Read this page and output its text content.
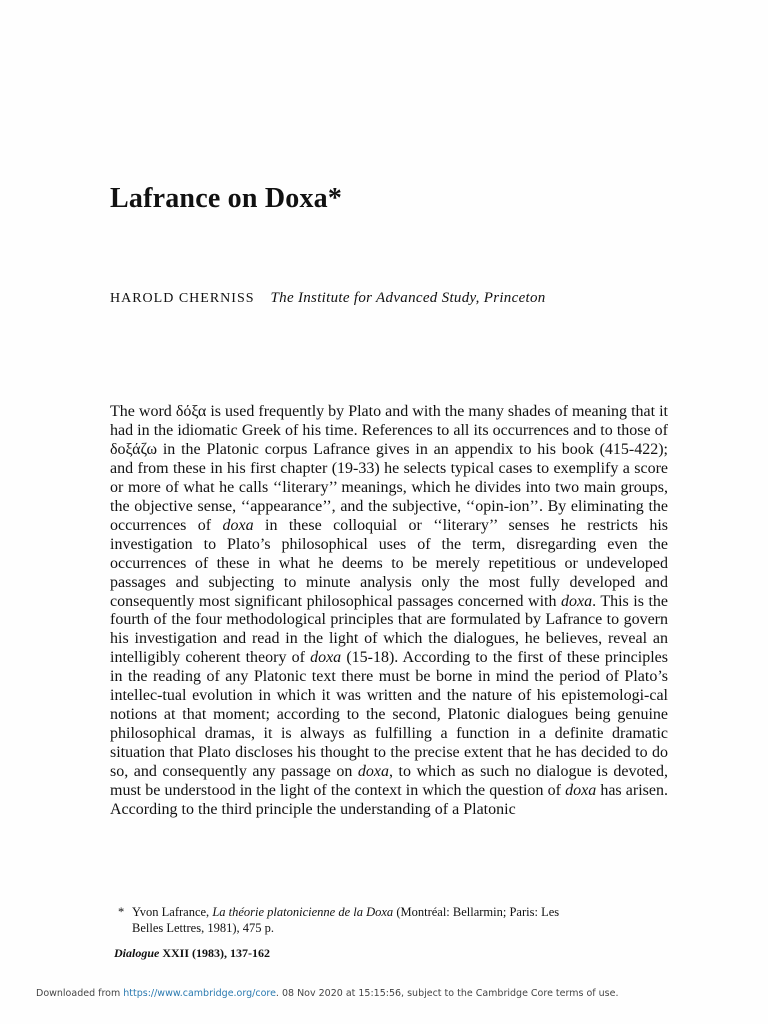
Lafrance on Doxa*
HAROLD CHERNISS The Institute for Advanced Study, Princeton

The word δόξα is used frequently by Plato and with the many shades of meaning that it had in the idiomatic Greek of his time. References to all its occurrences and to those of δοξάζω in the Platonic corpus Lafrance gives in an appendix to his book (415-422); and from these in his first chapter (19-33) he selects typical cases to exemplify a score or more of what he calls ‘‘literary’’ meanings, which he divides into two main groups, the objective sense, ‘‘appearance’’, and the subjective, ‘‘opin-ion’’. By eliminating the occurrences of doxa in these colloquial or ‘‘literary’’ senses he restricts his investigation to Plato’s philosophical uses of the term, disregarding even the occurrences of these in what he deems to be merely repetitious or undeveloped passages and subjecting to minute analysis only the most fully developed and consequently most significant philosophical passages concerned with doxa. This is the fourth of the four methodological principles that are formulated by Lafrance to govern his investigation and read in the light of which the dialogues, he believes, reveal an intelligibly coherent theory of doxa (15-18). According to the first of these principles in the reading of any Platonic text there must be borne in mind the period of Plato’s intellec-tual evolution in which it was written and the nature of his epistemologi-cal notions at that moment; according to the second, Platonic dialogues being genuine philosophical dramas, it is always as fulfilling a function in a definite dramatic situation that Plato discloses his thought to the precise extent that he has decided to do so, and consequently any passage on doxa, to which as such no dialogue is devoted, must be understood in the light of the context in which the question of doxa has arisen. According to the third principle the understanding of a Platonic

* Yvon Lafrance, La théorie platonicienne de la Doxa (Montréal: Bellarmin; Paris: Les
Belles Lettres, 1981), 475 p.
Dialogue XXII (1983), 137-162
Downloaded from https://www.cambridge.org/core. 08 Nov 2020 at 15:15:56, subject to the Cambridge Core terms of use.
